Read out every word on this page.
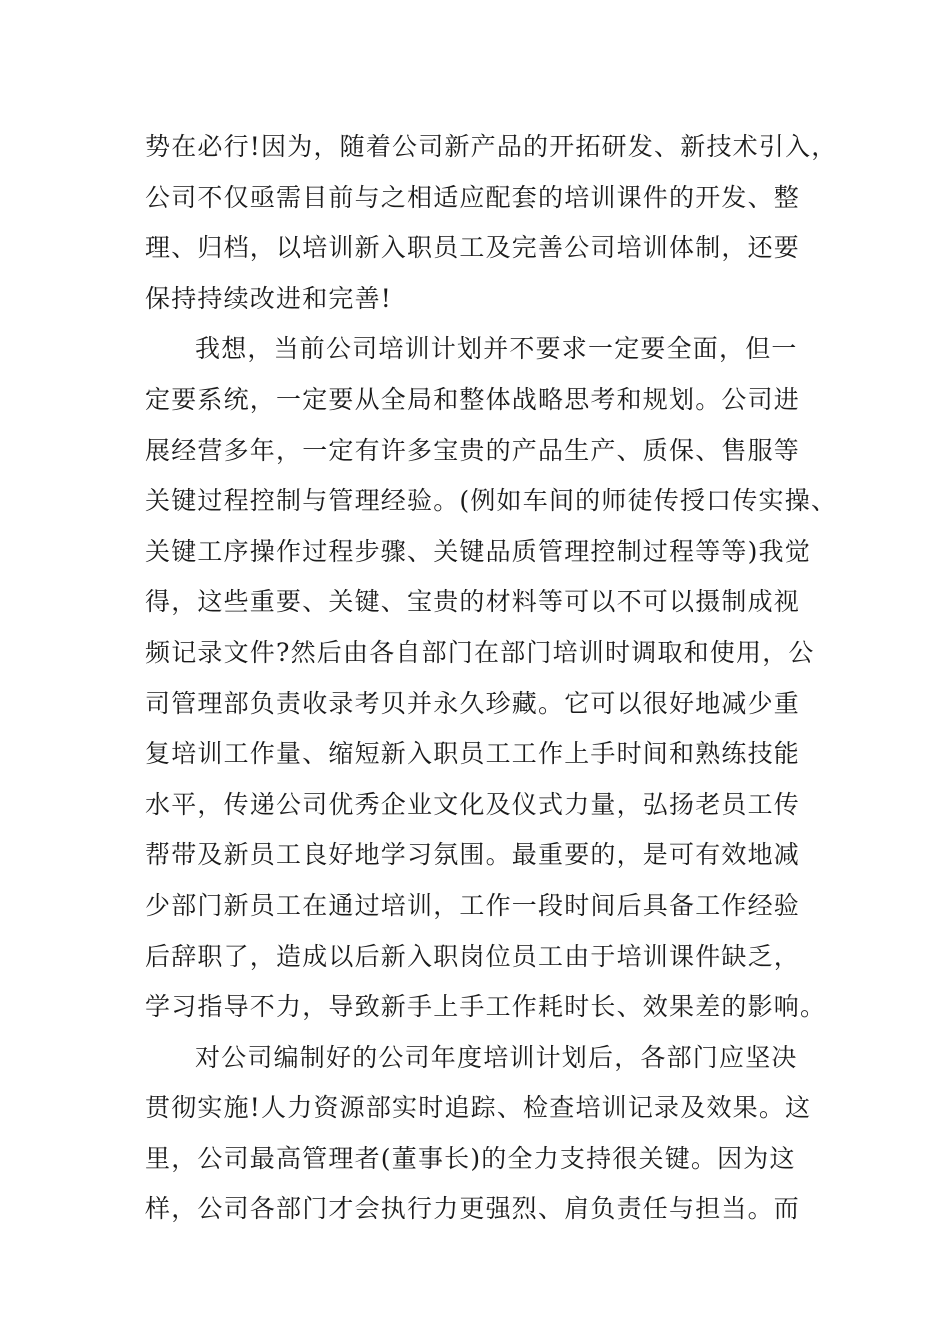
势在必行!因为，随着公司新产品的开拓研发、新技术引入，
公司不仅亟需目前与之相适应配套的培训课件的开发、整
理、归档，以培训新入职员工及完善公司培训体制，还要
保持持续改进和完善!
我想，当前公司培训计划并不要求一定要全面，但一
定要系统，一定要从全局和整体战略思考和规划。公司进
展经营多年，一定有许多宝贵的产品生产、质保、售服等
关键过程控制与管理经验。(例如车间的师徒传授口传实操、
关键工序操作过程步骤、关键品质管理控制过程等等)我觉
得，这些重要、关键、宝贵的材料等可以不可以摄制成视
频记录文件?然后由各自部门在部门培训时调取和使用，公
司管理部负责收录考贝并永久珍藏。它可以很好地减少重
复培训工作量、缩短新入职员工工作上手时间和熟练技能
水平，传递公司优秀企业文化及仪式力量，弘扬老员工传
帮带及新员工良好地学习氛围。最重要的，是可有效地减
少部门新员工在通过培训，工作一段时间后具备工作经验
后辞职了，造成以后新入职岗位员工由于培训课件缺乏，
学习指导不力，导致新手上手工作耗时长、效果差的影响。
对公司编制好的公司年度培训计划后，各部门应坚决
贯彻实施!人力资源部实时追踪、检查培训记录及效果。这
里，公司最高管理者(董事长)的全力支持很关键。因为这
样，公司各部门才会执行力更强烈、肩负责任与担当。而
